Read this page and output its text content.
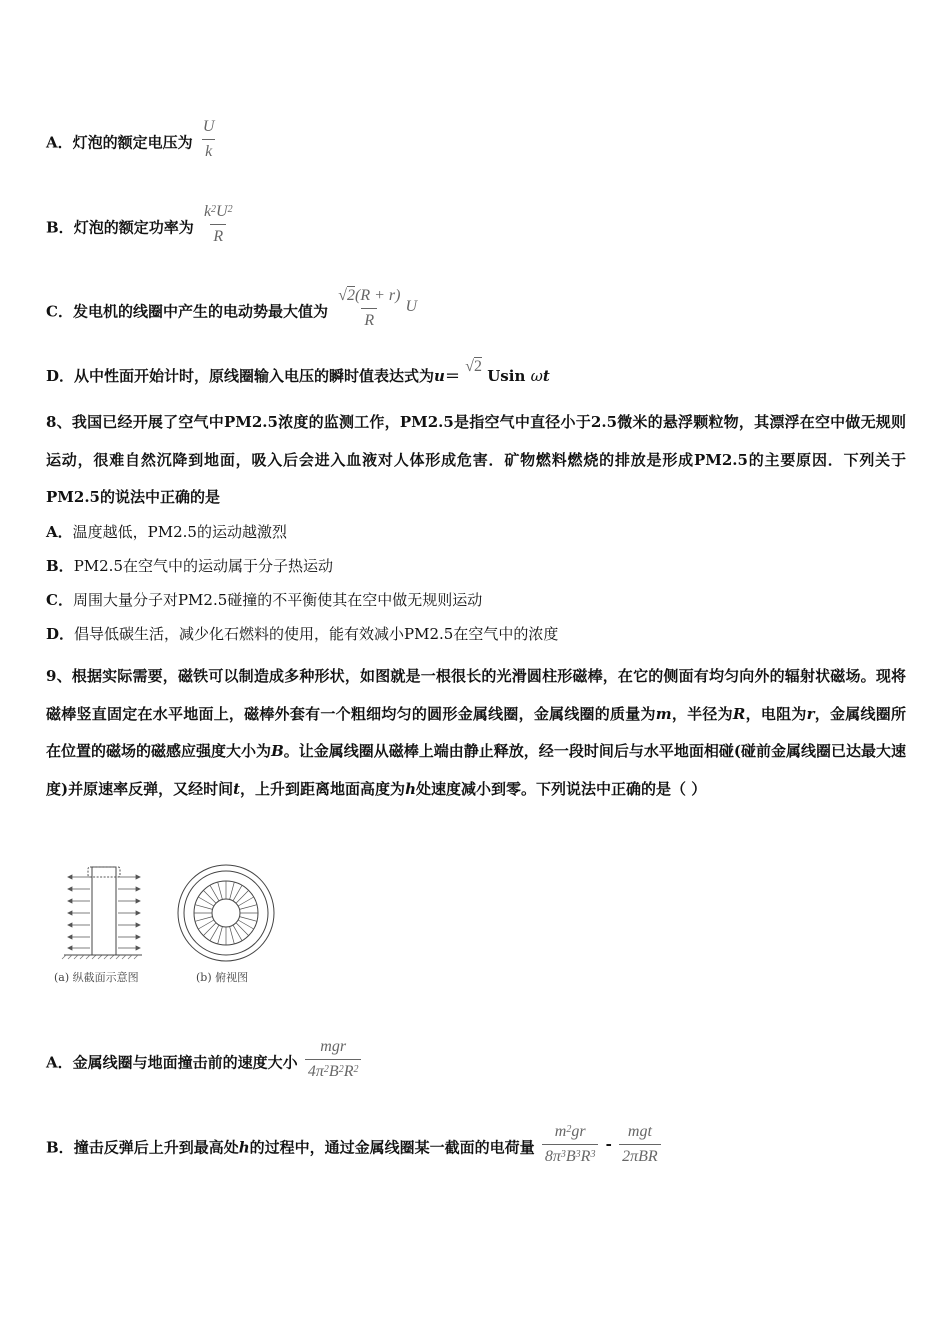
A．灯泡的额定电压为 $\frac{U}{k}$
B．灯泡的额定功率为 $\frac{k^2U^2}{R}$
C．发电机的线圈中产生的电动势最大值为 $\frac{√2(R + r)}{R}$ U
D．从中性面开始计时，原线圈输入电压的瞬时值表达式为u＝ √2 Usin ωt
8、我国已经开展了空气中PM2.5浓度的监测工作，PM2.5是指空气中直径小于2.5微米的悬浮颗粒物，其漂浮在空中做无规则运动，很难自然沉降到地面，吸入后会进入血液对人体形成危害．矿物燃料燃烧的排放是形成PM2.5的主要原因．下列关于PM2.5的说法中正确的是
A．温度越低，PM2.5的运动越激烈
B．PM2.5在空气中的运动属于分子热运动
C．周围大量分子对PM2.5碰撞的不平衡使其在空中做无规则运动
D．倡导低碳生活，减少化石燃料的使用，能有效减小PM2.5在空气中的浓度
9、根据实际需要，磁铁可以制造成多种形状，如图就是一根很长的光滑圆柱形磁棒，在它的侧面有均匀向外的辐射状磁场。现将磁棒竖直固定在水平地面上，磁棒外套有一个粗细均匀的圆形金属线圈，金属线圈的质量为m，半径为R，电阻为r，金属线圈所在位置的磁场的磁感应强度大小为B。让金属线圈从磁棒上端由静止释放，经一段时间后与水平地面相碰(碰前金属线圈已达最大速度)并原速率反弹，又经时间t，上升到距离地面高度为h处速度减小到零。下列说法中正确的是（ ）
(a) 纵截面示意图	(b) 俯视图
A．金属线圈与地面撞击前的速度大小 $\frac{\text{mgr}}{4\pi^2B^2R^2}$
B．撞击反弹后上升到最高处h的过程中，通过金属线圈某一截面的电荷量 $\frac{m^2gr}{8\pi^3B^3R^3} - \frac{\text{mgt}}{\text{2πBR}}$
